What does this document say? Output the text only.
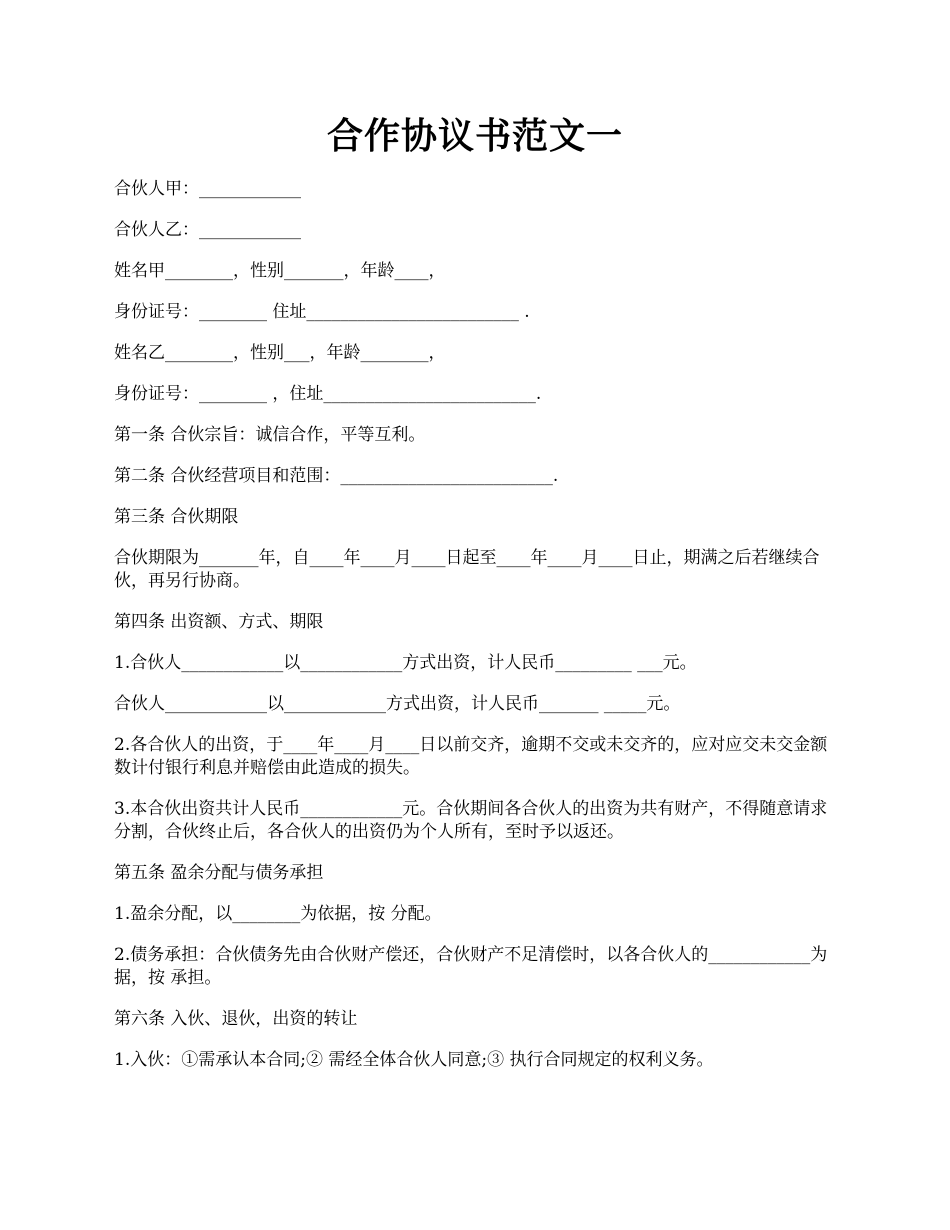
合作协议书范文一

合伙人甲：____________

合伙人乙：____________

姓名甲________，性别_______，年龄____，

身份证号：________ 住址_________________________ .

姓名乙________，性别___，年龄________，

身份证号：________ ，住址_________________________.

第一条 合伙宗旨：诚信合作，平等互利。

第二条 合伙经营项目和范围：_________________________.

第三条 合伙期限

合伙期限为_______年，自____年____月____日起至____年____月____日止，期满之后若继续合伙，再另行协商。

第四条 出资额、方式、期限

1.合伙人____________以____________方式出资，计人民币_________ ___元。

合伙人____________以____________方式出资，计人民币_______ _____元。

2.各合伙人的出资，于____年____月____日以前交齐，逾期不交或未交齐的，应对应交未交金额数计付银行利息并赔偿由此造成的损失。

3.本合伙出资共计人民币____________元。合伙期间各合伙人的出资为共有财产，不得随意请求分割，合伙终止后，各合伙人的出资仍为个人所有，至时予以返还。

第五条 盈余分配与债务承担

1.盈余分配，以________为依据，按 分配。

2.债务承担：合伙债务先由合伙财产偿还，合伙财产不足清偿时，以各合伙人的____________为据，按 承担。

第六条 入伙、退伙，出资的转让

1.入伙：①需承认本合同;② 需经全体合伙人同意;③ 执行合同规定的权利义务。
